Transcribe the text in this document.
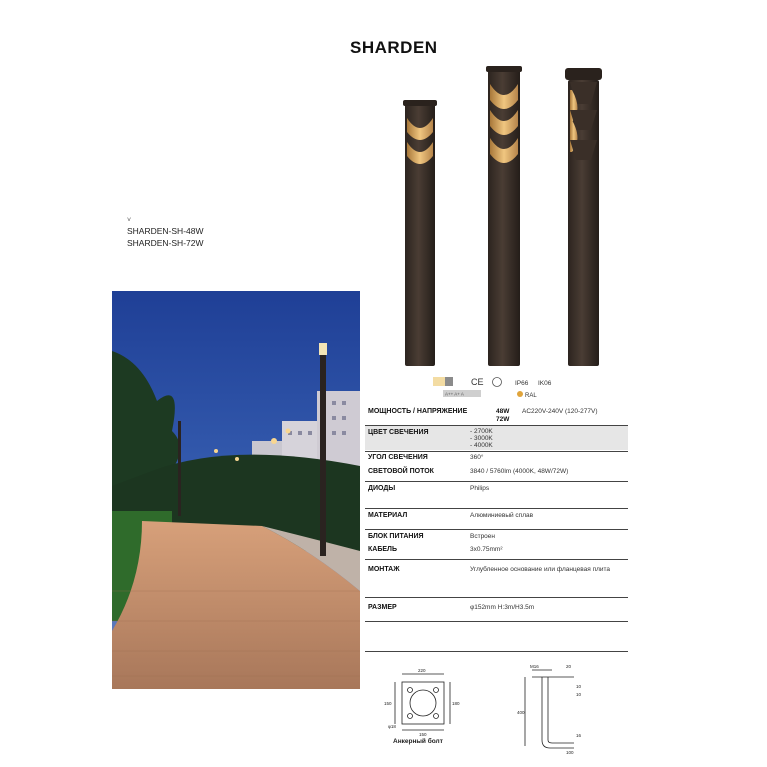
SHARDEN
˅
SHARDEN-SH-48W
SHARDEN-SH-72W
CE	IP66 IK06
A++ A+ A	RAL
МОЩНОСТЬ / НАПРЯЖЕНИЕ	48W
72W
AC220V-240V (120-277V)
ЦВЕТ СВЕЧЕНИЯ	- 2700K
- 3000K
- 4000K
УГОЛ СВЕЧЕНИЯ	360°
СВЕТОВОЙ ПОТОК	3840 / 5760lm (4000K, 48W/72W)
ДИОДЫ	Philips
МАТЕРИАЛ	Алюминиевый сплав
БЛОК ПИТАНИЯ	Встроен
КАБЕЛЬ	3x0.75mm²
МОНТАЖ	Углубленное основание или фланцевая плита
РАЗМЕР	φ152mm H:3m/H3.5m
220
150	180
φ18
150
M16	20
10
10
400
16
100
Анкерный болт
